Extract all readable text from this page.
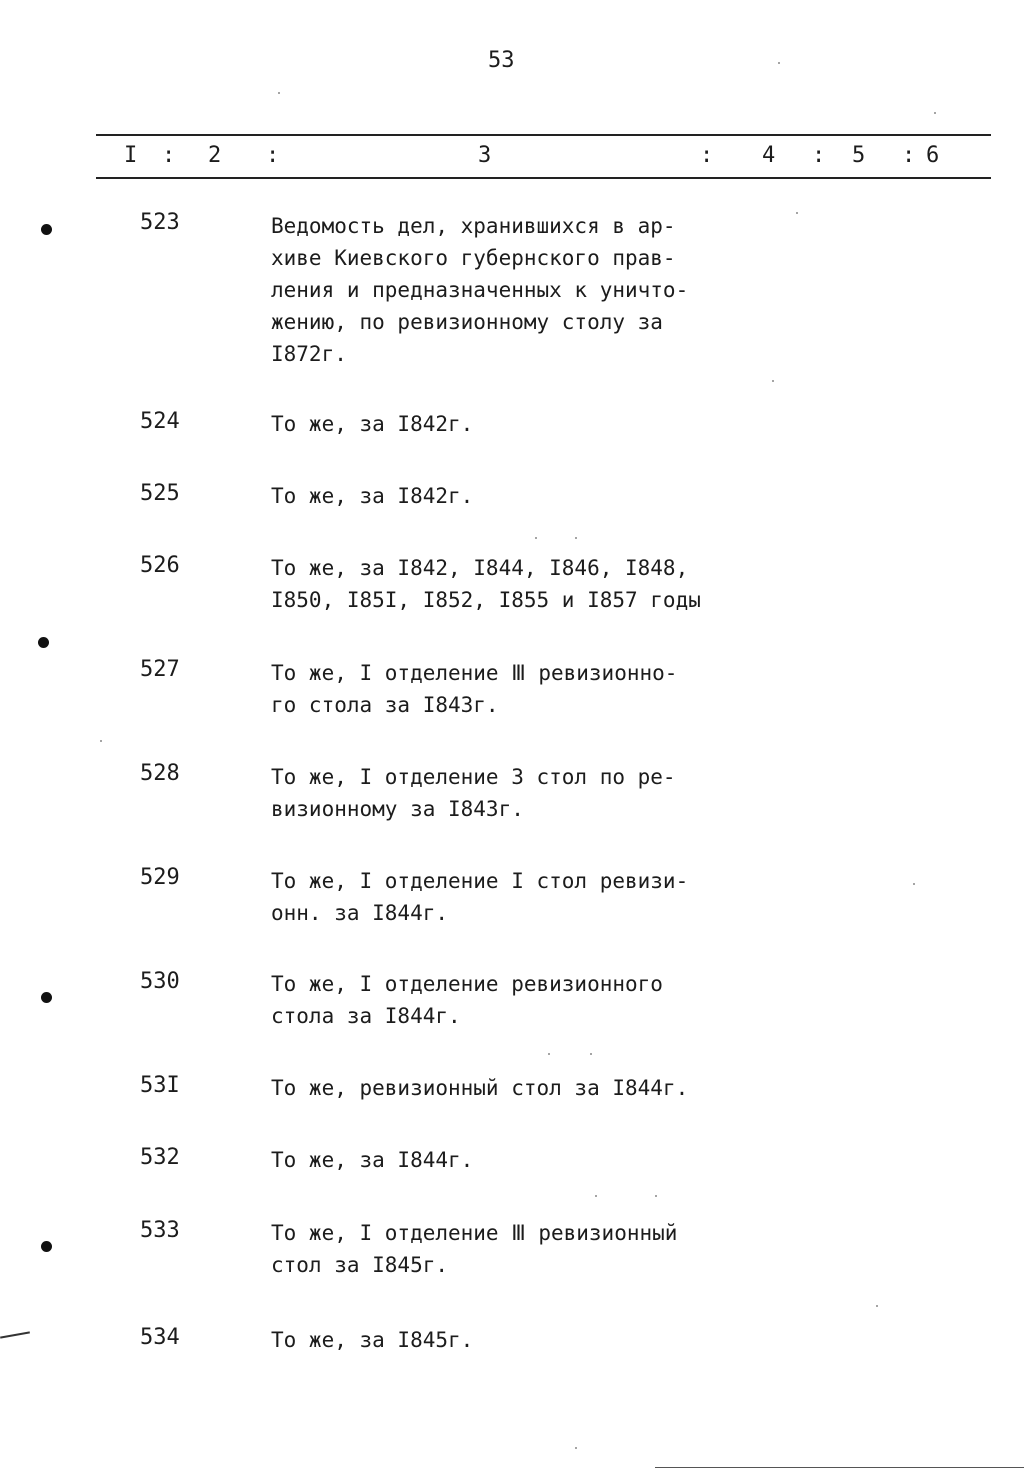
53
I : 2 :	3	: 4 : 5 : 6
523	Ведомость дел, хранившихся в ар-
хиве Киевского губернского прав-
ления и предназначенных к уничто-
жению, по ревизионному столу за
I872г.
524	То же, за I842г.
525	То же, за I842г.
526	То же, за I842, I844, I846, I848,
I850, I85I, I852, I855 и I857 годы
527	То же, I отделение Ⅲ ревизионно-
го стола за I843г.
528	То же, I отделение 3 стол по ре-
визионному за I843г.
529	То же, I отделение I стол ревизи-
онн. за I844г.
530	То же, I отделение ревизионного
стола за I844г.
53I	То же, ревизионный стол за I844г.
532	То же, за I844г.
533	То же, I отделение Ⅲ ревизионный
стол за I845г.
534	То же, за I845г.
